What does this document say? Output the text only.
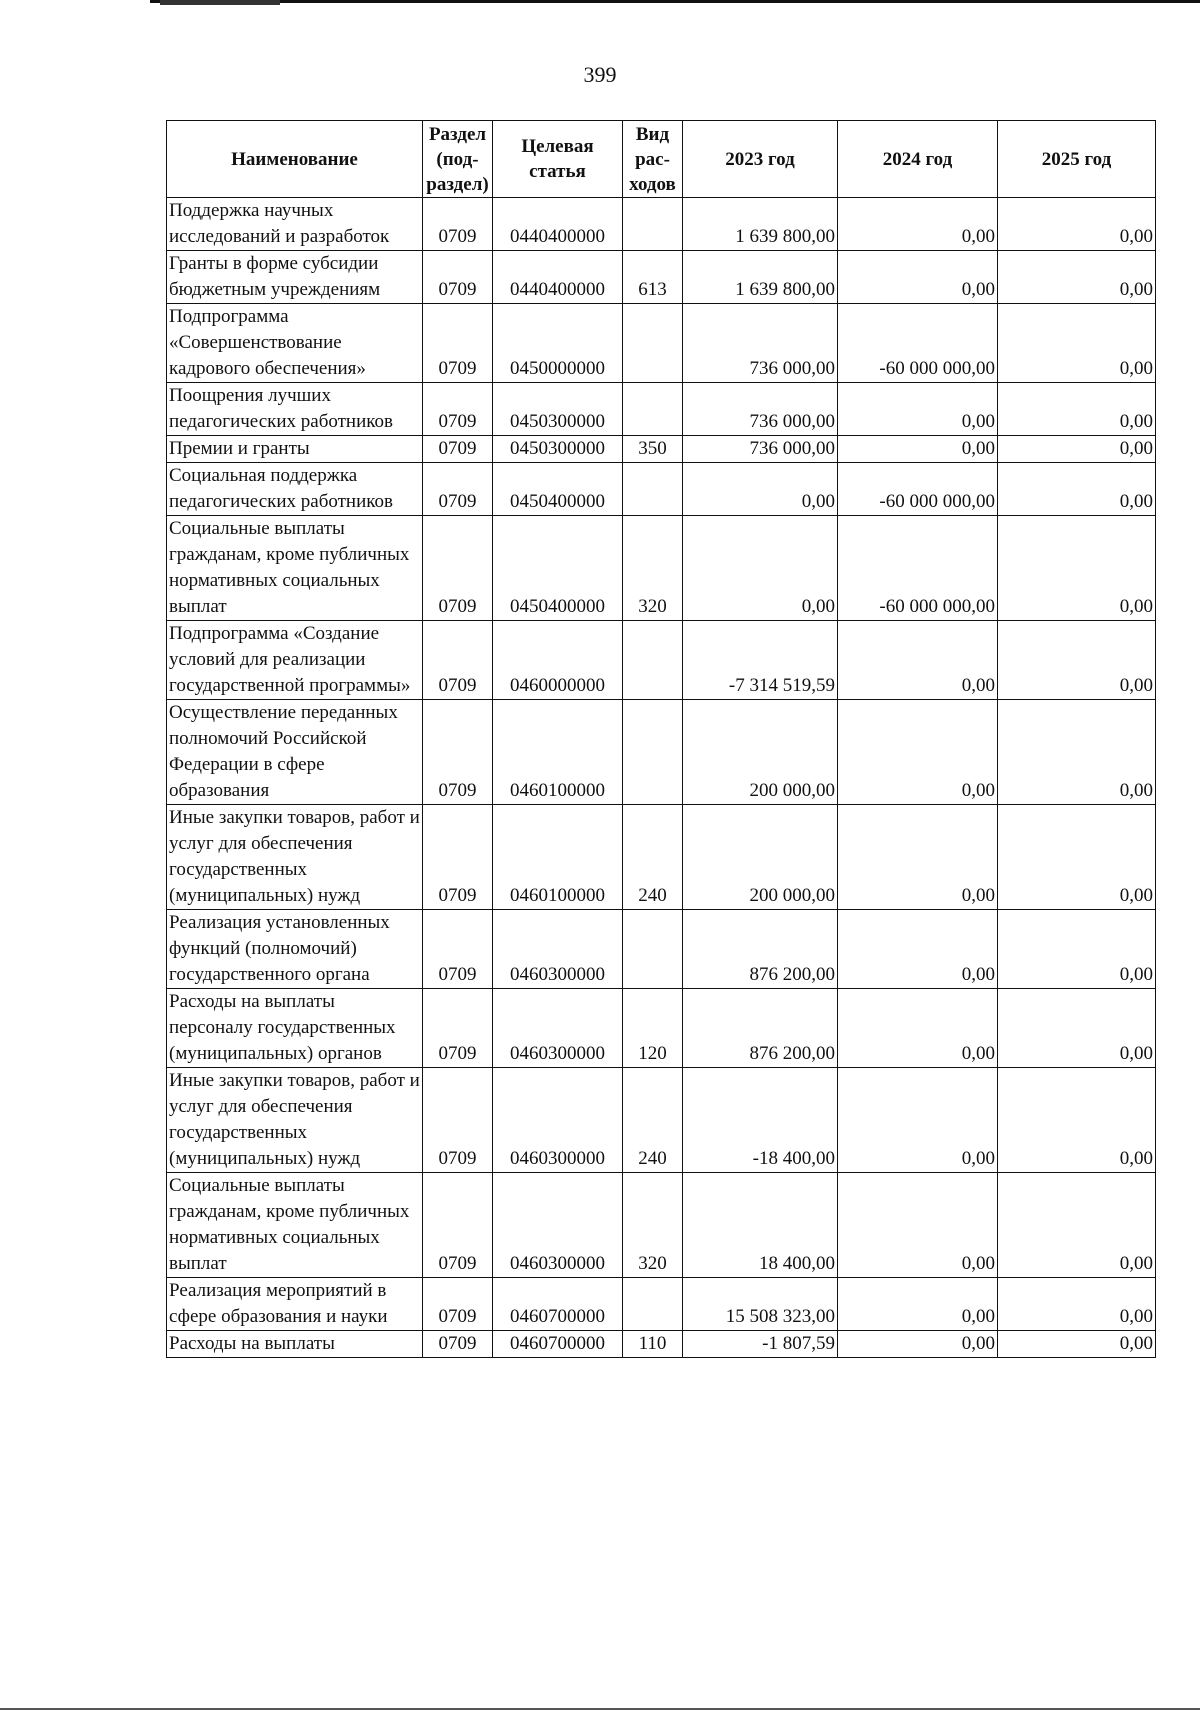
399
Наименование	Раздел (под-раздел)	Целевая статья	Вид рас-ходов	2023 год	2024 год	2025 год
Поддержка научных исследований и разработок	0709	0440400000		1 639 800,00	0,00	0,00
Гранты в форме субсидии бюджетным учреждениям	0709	0440400000	613	1 639 800,00	0,00	0,00
Подпрограмма «Совершенствование кадрового обеспечения»	0709	0450000000		736 000,00	-60 000 000,00	0,00
Поощрения лучших педагогических работников	0709	0450300000		736 000,00	0,00	0,00
Премии и гранты	0709	0450300000	350	736 000,00	0,00	0,00
Социальная поддержка педагогических работников	0709	0450400000		0,00	-60 000 000,00	0,00
Социальные выплаты гражданам, кроме публичных нормативных социальных выплат	0709	0450400000	320	0,00	-60 000 000,00	0,00
Подпрограмма «Создание условий для реализации государственной программы»	0709	0460000000		-7 314 519,59	0,00	0,00
Осуществление переданных полномочий Российской Федерации в сфере образования	0709	0460100000		200 000,00	0,00	0,00
Иные закупки товаров, работ и услуг для обеспечения государственных (муниципальных) нужд	0709	0460100000	240	200 000,00	0,00	0,00
Реализация установленных функций (полномочий) государственного органа	0709	0460300000		876 200,00	0,00	0,00
Расходы на выплаты персоналу государственных (муниципальных) органов	0709	0460300000	120	876 200,00	0,00	0,00
Иные закупки товаров, работ и услуг для обеспечения государственных (муниципальных) нужд	0709	0460300000	240	-18 400,00	0,00	0,00
Социальные выплаты гражданам, кроме публичных нормативных социальных выплат	0709	0460300000	320	18 400,00	0,00	0,00
Реализация мероприятий в сфере образования и науки	0709	0460700000		15 508 323,00	0,00	0,00
Расходы на выплаты	0709	0460700000	110	-1 807,59	0,00	0,00
